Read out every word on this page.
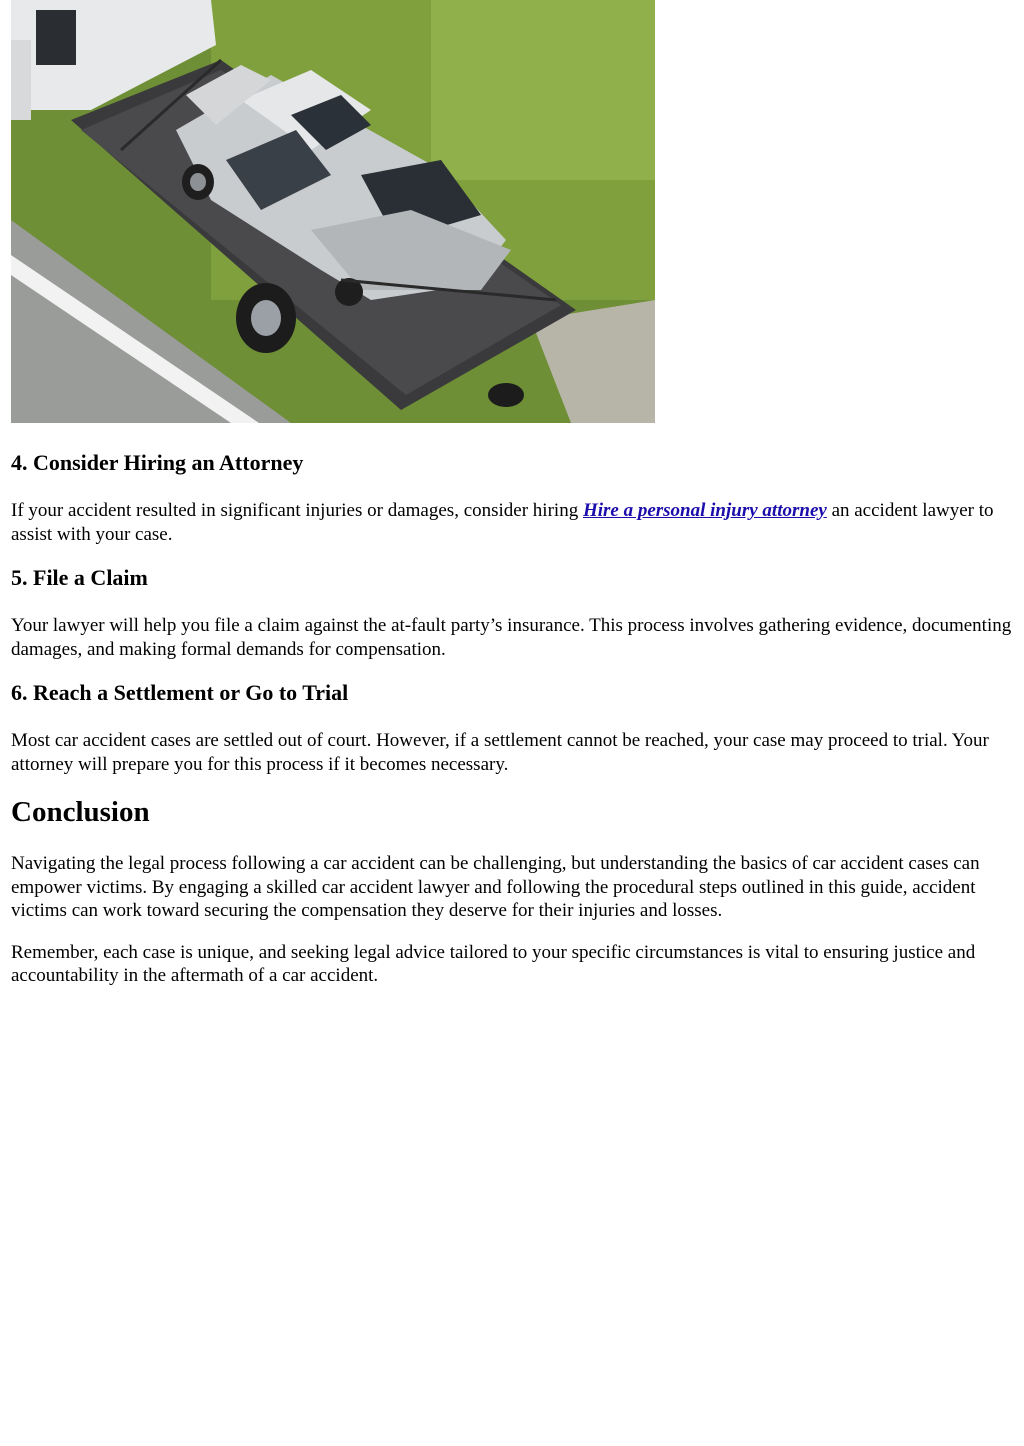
4. Consider Hiring an Attorney

If your accident resulted in significant injuries or damages, consider hiring Hire a personal injury attorney an accident lawyer to assist with your case.

5. File a Claim

Your lawyer will help you file a claim against the at-fault party’s insurance. This process involves gathering evidence, documenting damages, and making formal demands for compensation.

6. Reach a Settlement or Go to Trial

Most car accident cases are settled out of court. However, if a settlement cannot be reached, your case may proceed to trial. Your attorney will prepare you for this process if it becomes necessary.

Conclusion

Navigating the legal process following a car accident can be challenging, but understanding the basics of car accident cases can empower victims. By engaging a skilled car accident lawyer and following the procedural steps outlined in this guide, accident victims can work toward securing the compensation they deserve for their injuries and losses.

Remember, each case is unique, and seeking legal advice tailored to your specific circumstances is vital to ensuring justice and accountability in the aftermath of a car accident.
